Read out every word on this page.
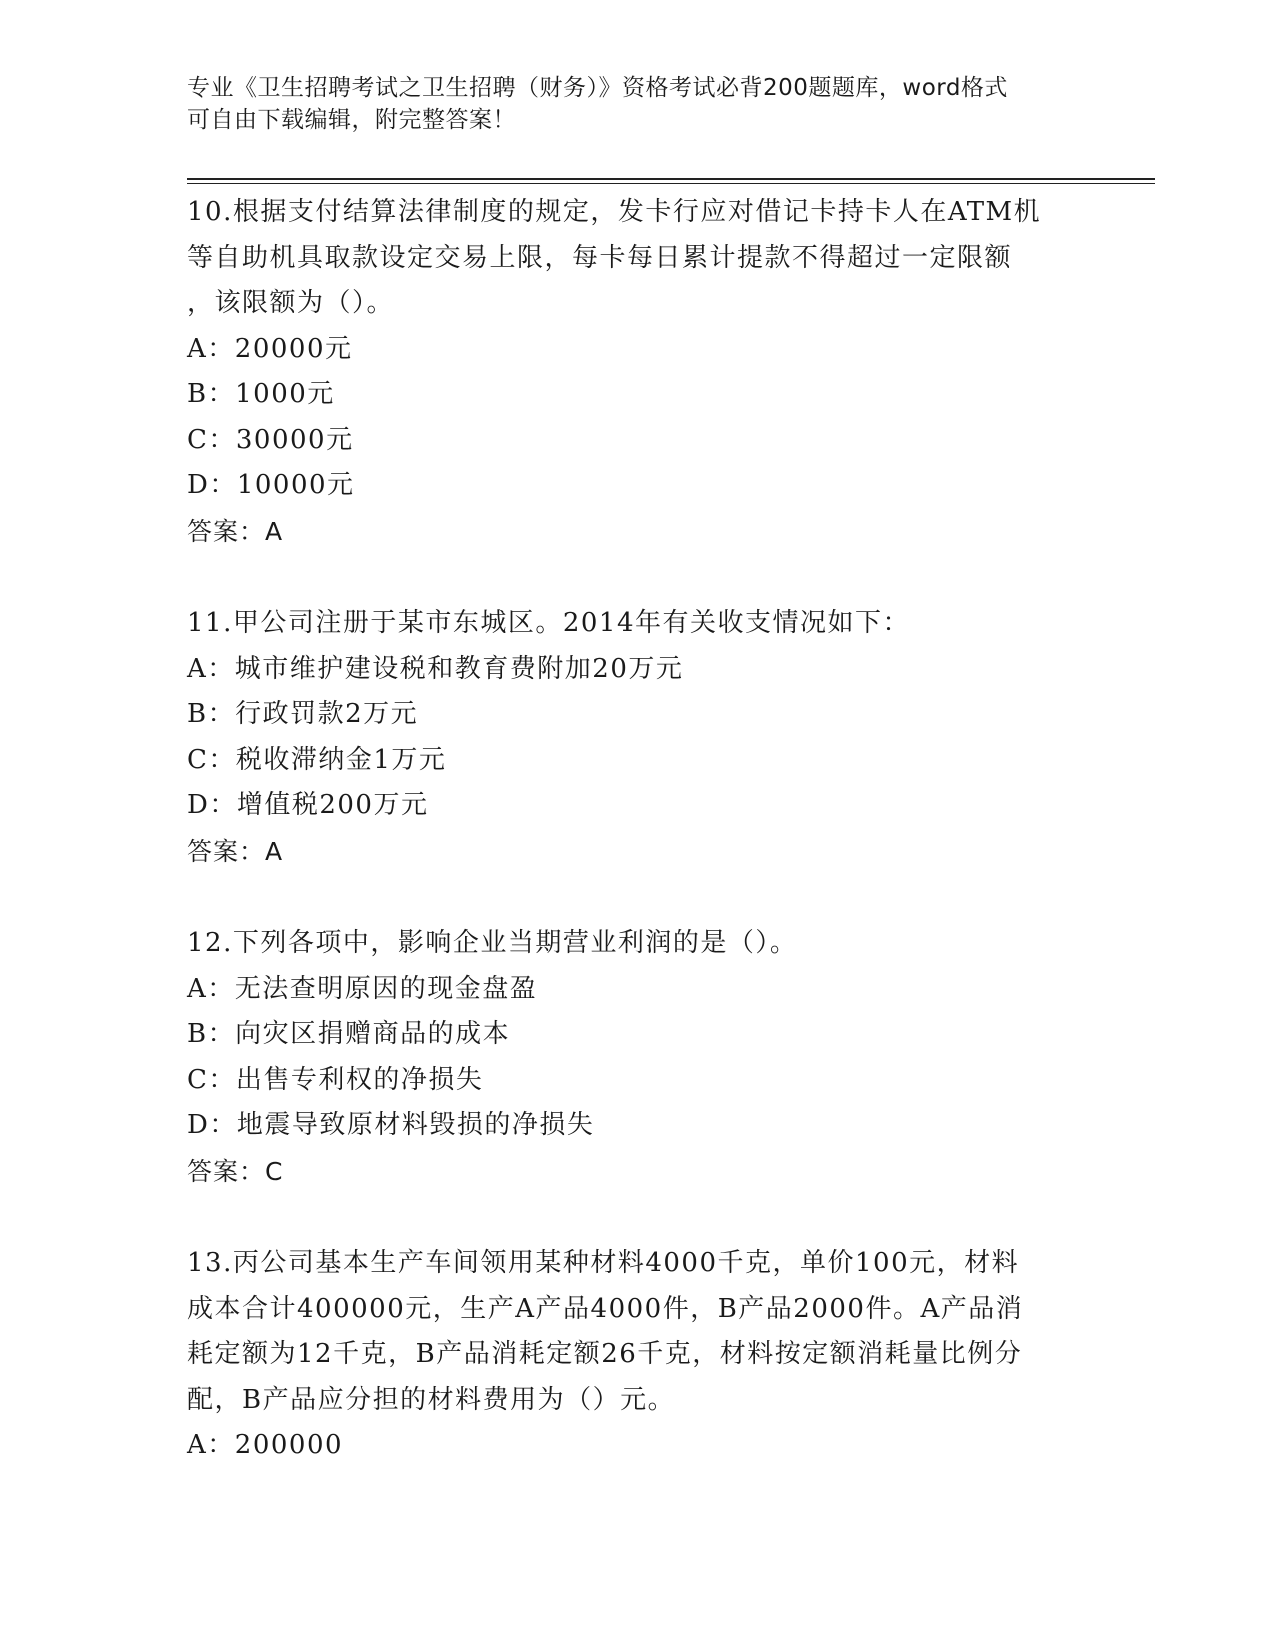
专业《卫生招聘考试之卫生招聘（财务）》资格考试必背200题题库，word格式
可自由下载编辑，附完整答案！
10.根据支付结算法律制度的规定，发卡行应对借记卡持卡人在ATM机
等自助机具取款设定交易上限，每卡每日累计提款不得超过一定限额
，该限额为（）。
A：20000元
B：1000元
C：30000元
D：10000元
答案：A
11.甲公司注册于某市东城区。2014年有关收支情况如下：
A：城市维护建设税和教育费附加20万元
B：行政罚款2万元
C：税收滞纳金1万元
D：增值税200万元
答案：A
12.下列各项中，影响企业当期营业利润的是（）。
A：无法查明原因的现金盘盈
B：向灾区捐赠商品的成本
C：出售专利权的净损失
D：地震导致原材料毁损的净损失
答案：C
13.丙公司基本生产车间领用某种材料4000千克，单价100元，材料
成本合计400000元，生产A产品4000件，B产品2000件。A产品消
耗定额为12千克，B产品消耗定额26千克，材料按定额消耗量比例分
配，B产品应分担的材料费用为（）元。
A：200000
